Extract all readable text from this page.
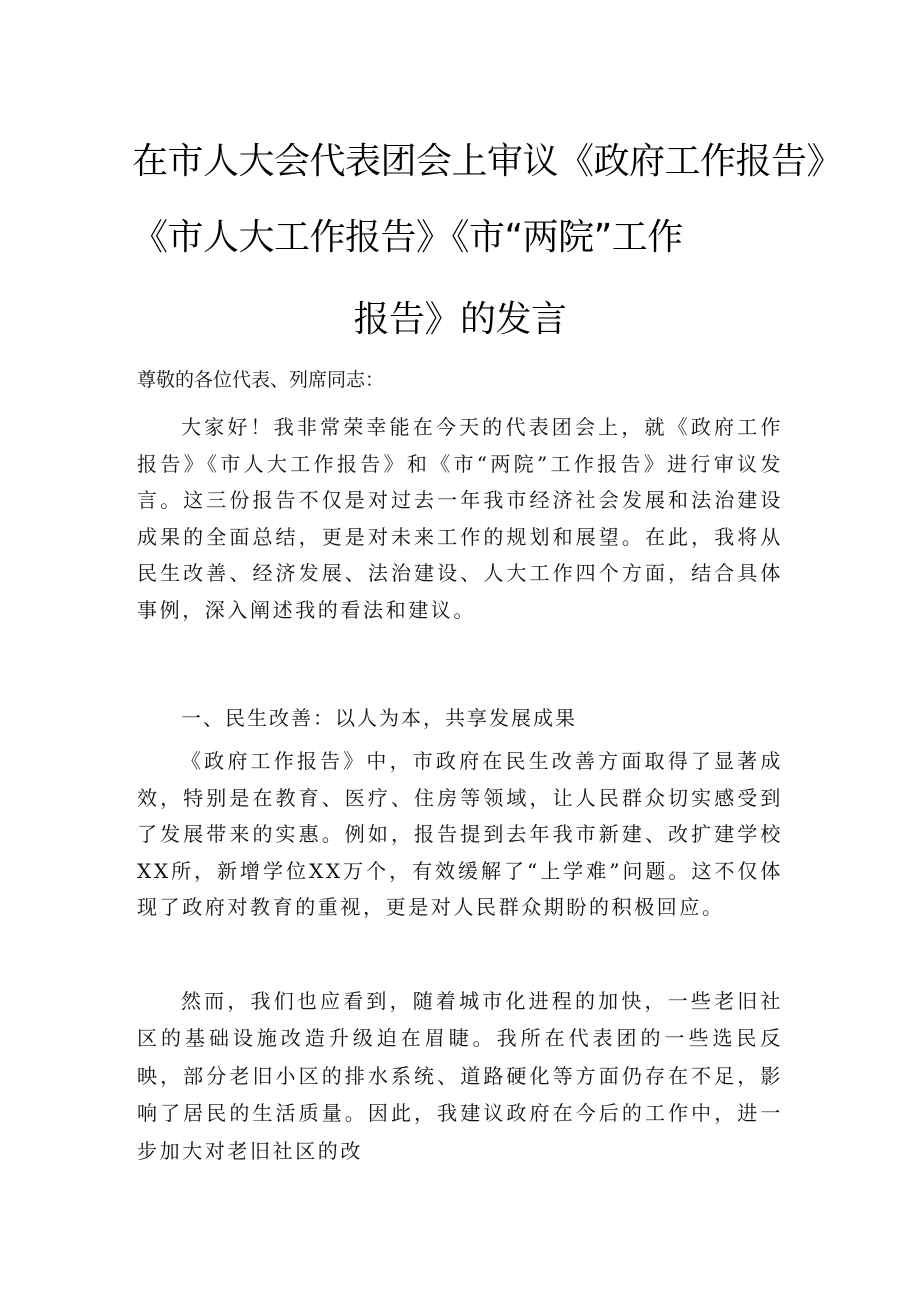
在市人大会代表团会上审议《政府工作报告》
《市人大工作报告》《市“两院”工作
报告》的发言
尊敬的各位代表、列席同志：

大家好！我非常荣幸能在今天的代表团会上，就《政府工作报告》《市人大工作报告》和《市“两院”工作报告》进行审议发言。这三份报告不仅是对过去一年我市经济社会发展和法治建设成果的全面总结，更是对未来工作的规划和展望。在此，我将从民生改善、经济发展、法治建设、人大工作四个方面，结合具体事例，深入阐述我的看法和建议。

一、民生改善：以人为本，共享发展成果

《政府工作报告》中，市政府在民生改善方面取得了显著成效，特别是在教育、医疗、住房等领域，让人民群众切实感受到了发展带来的实惠。例如，报告提到去年我市新建、改扩建学校XX所，新增学位XX万个，有效缓解了“上学难”问题。这不仅体现了政府对教育的重视，更是对人民群众期盼的积极回应。

然而，我们也应看到，随着城市化进程的加快，一些老旧社区的基础设施改造升级迫在眉睫。我所在代表团的一些选民反映，部分老旧小区的排水系统、道路硬化等方面仍存在不足，影响了居民的生活质量。因此，我建议政府在今后的工作中，进一步加大对老旧社区的改
